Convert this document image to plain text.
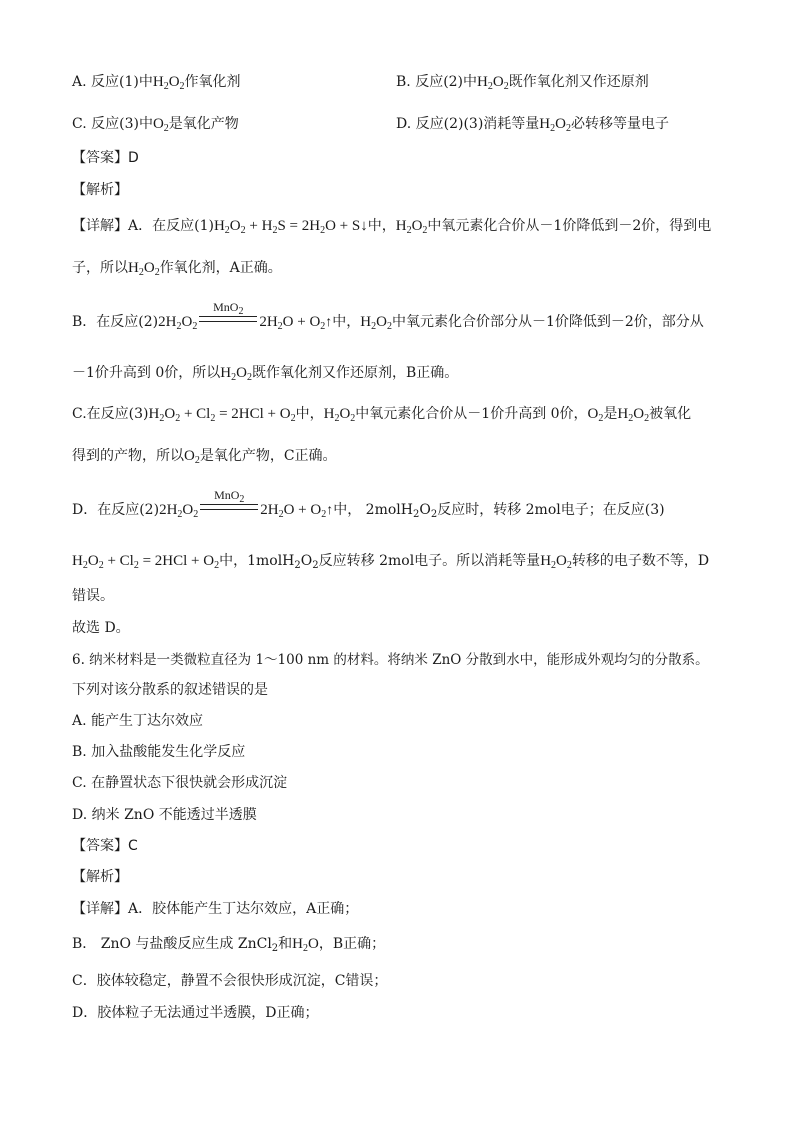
A. 反应(1)中$H_2O_2$作氧化剂	B. 反应(2)中$H_2O_2$既作氧化剂又作还原剂
C. 反应(3)中$O_2$是氧化产物	D. 反应(2)(3)消耗等量$H_2O_2$必转移等量电子
【答案】D
【解析】
【详解】A．在反应$(1)H_2O_2 + H_2S = 2H_2O$ + S↓中，$H_2O_2$中氧元素化合价从－1价降低到－2价，得到电
子，所以$H_2O_2$作氧化剂，A正确。
B．在反应$(2)2H_2O_2$
MnO$_2$
$2H_2O$ + $O_2↑$中，$H_2O_2$中氧元素化合价部分从－1价降低到－2价，部分从
－1价升高到 0价，所以$H_2O_2$既作氧化剂又作还原剂，B正确。
C.在反应$(3)H_2O_2 + Cl_2 = 2HCl + O_2$中，$H_2O_2$中氧元素化合价从－1价升高到 0价，$O_2$是$H_2O_2$被氧化
得到的产物，所以$O_2$是氧化产物，C正确。
D．在反应$(2)2H_2O_2$
MnO$_2$
$2H_2O$ + $O_2↑$中， $2molH_2O_2$反应时，转移 2mol电子；在反应(3)
$H_2O_2 + Cl_2 = 2HCl + O_2$中，$1molH_2O_2$反应转移 2mol电子。所以消耗等量$H_2O_2$转移的电子数不等，D
错误。
故选 D。
6. 纳米材料是一类微粒直径为 1～100 nm 的材料。将纳米 ZnO 分散到水中，能形成外观均匀的分散系。
下列对该分散系的叙述错误的是
A. 能产生丁达尔效应
B. 加入盐酸能发生化学反应
C. 在静置状态下很快就会形成沉淀
D. 纳米 ZnO 不能透过半透膜
【答案】C
【解析】
【详解】A．胶体能产生丁达尔效应，A正确；
B． ZnO 与盐酸反应生成 ZnCl$_2$和$H_2O$，B正确；
C．胶体较稳定，静置不会很快形成沉淀，C错误；
D．胶体粒子无法通过半透膜，D正确；
